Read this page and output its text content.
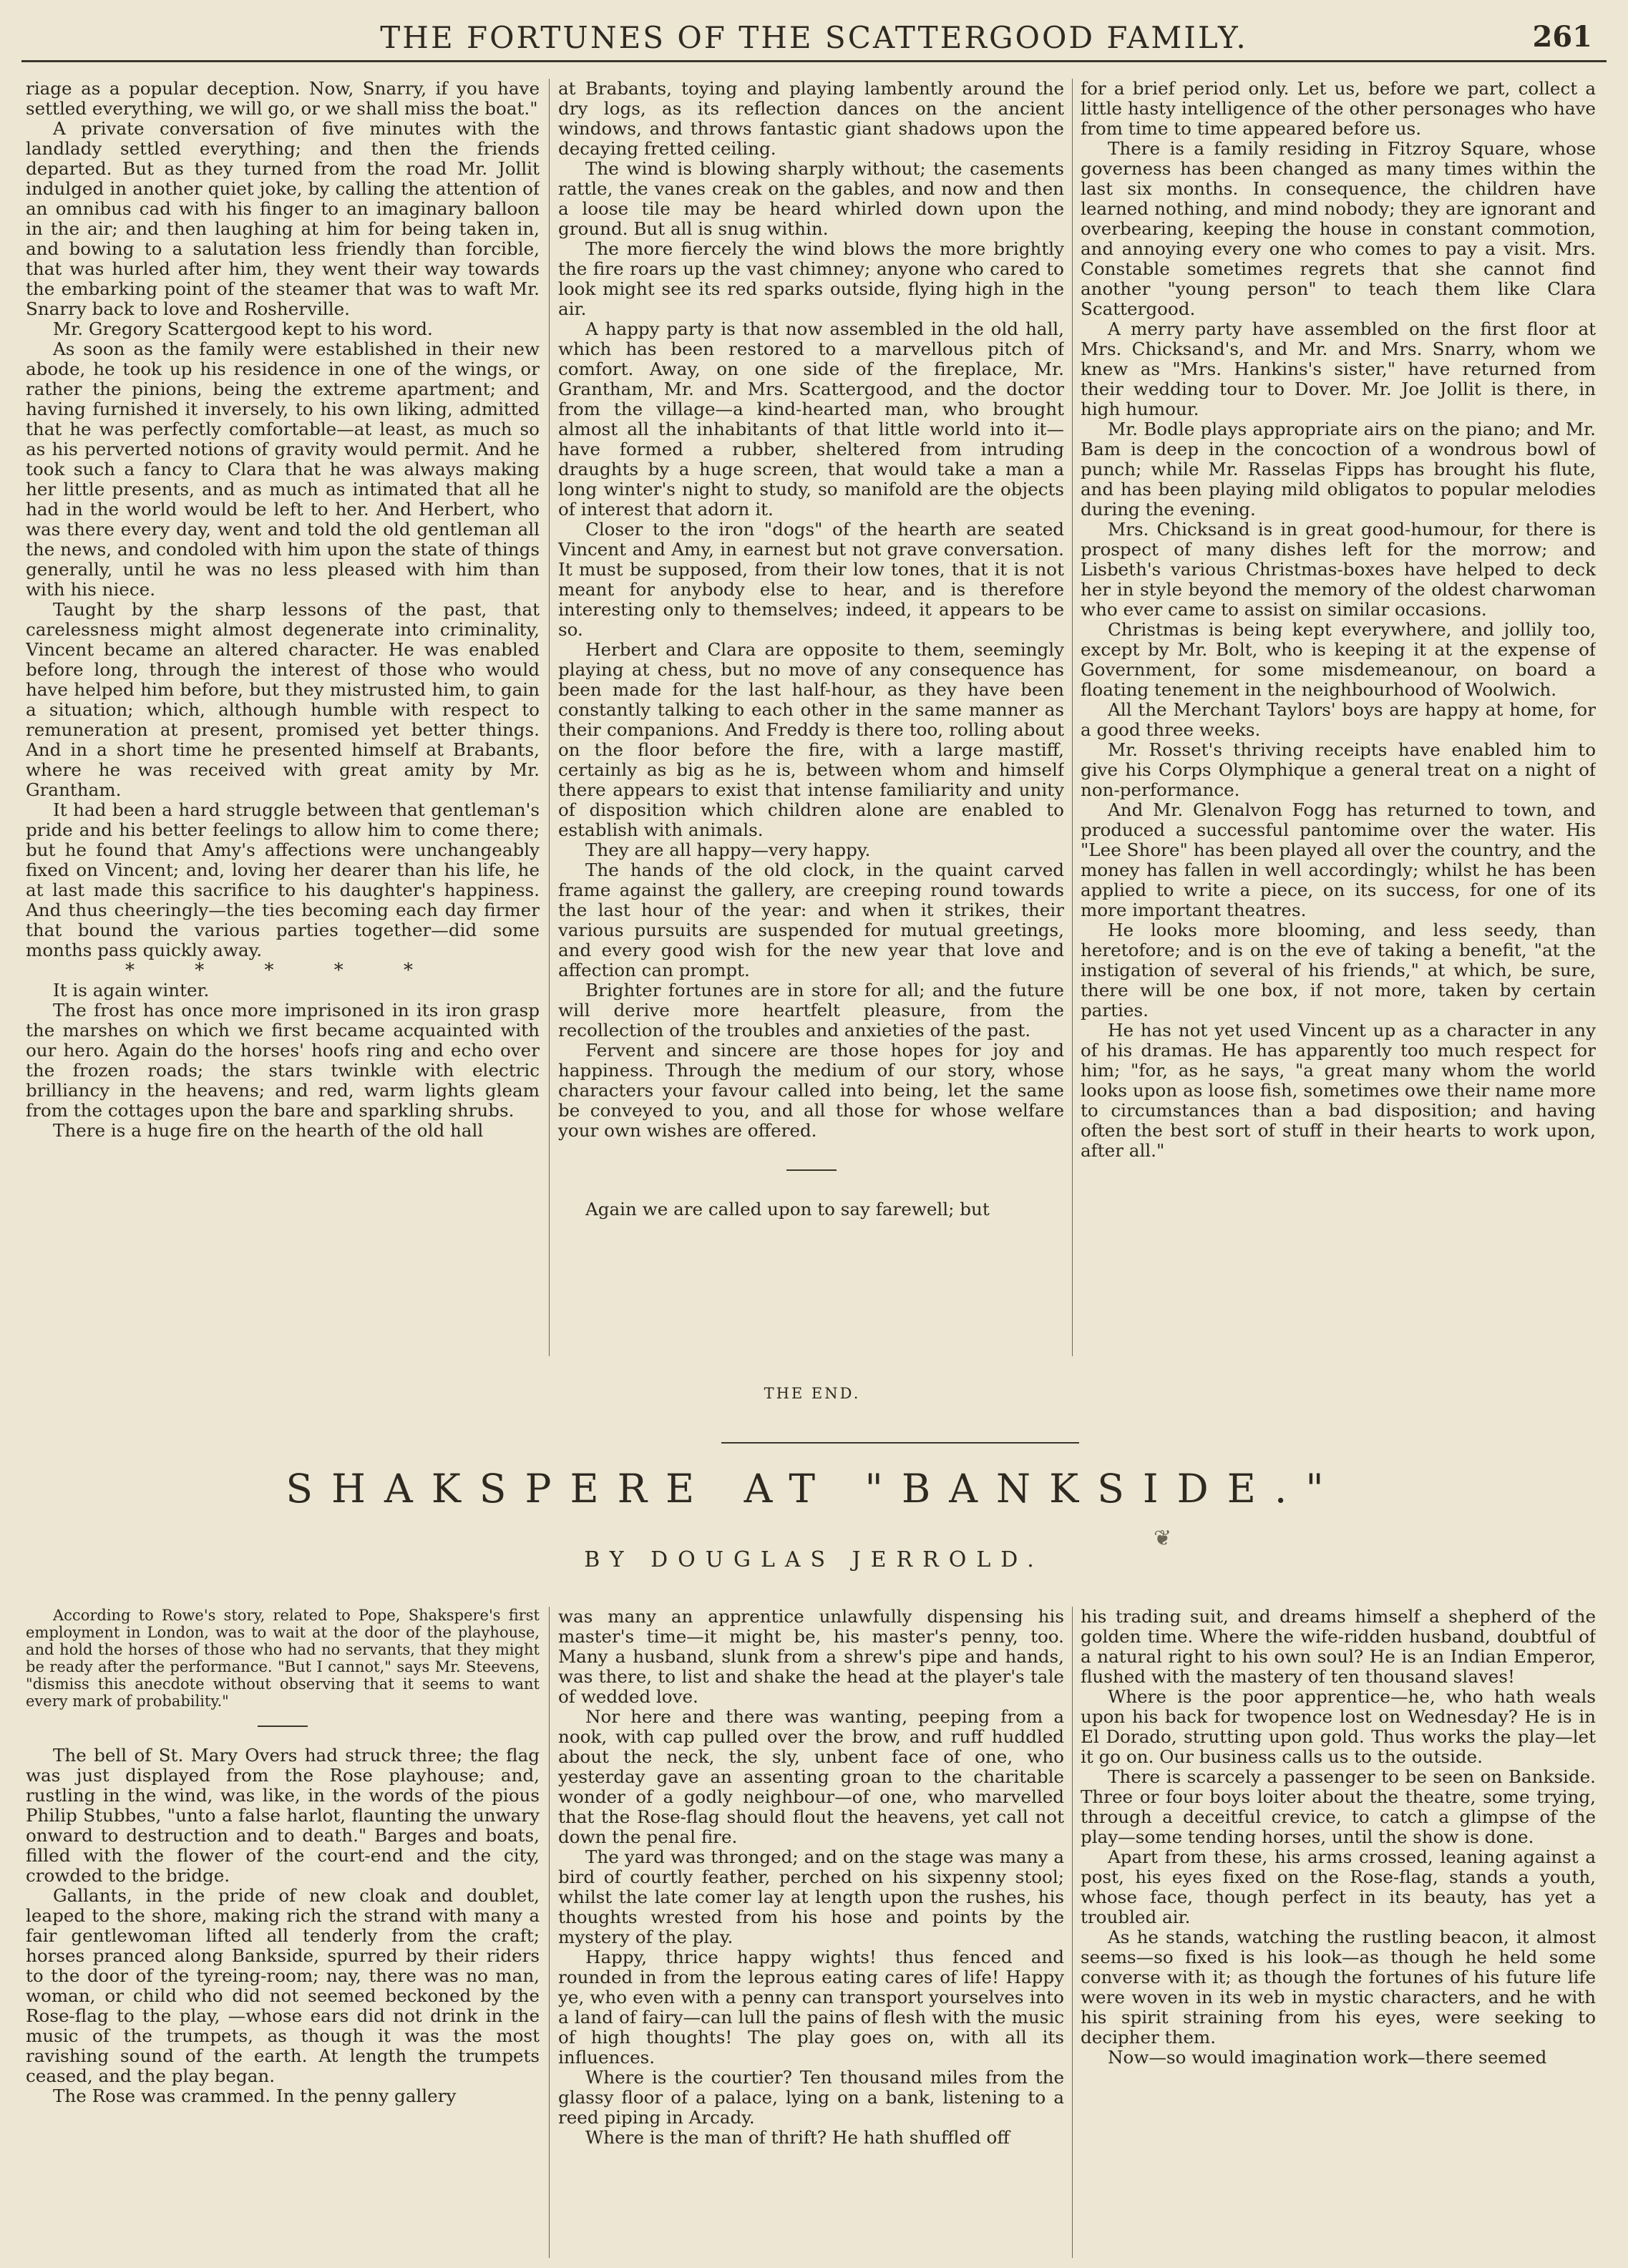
THE FORTUNES OF THE SCATTERGOOD FAMILY.	261

riage as a popular deception. Now, Snarry, if you have settled everything, we will go, or we shall miss the boat."

A private conversation of five minutes with the landlady settled everything; and then the friends departed. But as they turned from the road Mr. Jollit indulged in another quiet joke, by calling the attention of an omnibus cad with his finger to an imaginary balloon in the air; and then laughing at him for being taken in, and bowing to a salutation less friendly than forcible, that was hurled after him, they went their way towards the embarking point of the steamer that was to waft Mr. Snarry back to love and Rosherville.

Mr. Gregory Scattergood kept to his word.

As soon as the family were established in their new abode, he took up his residence in one of the wings, or rather the pinions, being the extreme apartment; and having furnished it inversely, to his own liking, admitted that he was perfectly comfortable—at least, as much so as his perverted notions of gravity would permit. And he took such a fancy to Clara that he was always making her little presents, and as much as intimated that all he had in the world would be left to her. And Herbert, who was there every day, went and told the old gentleman all the news, and condoled with him upon the state of things generally, until he was no less pleased with him than with his niece.

Taught by the sharp lessons of the past, that carelessness might almost degenerate into criminality, Vincent became an altered character. He was enabled before long, through the interest of those who would have helped him before, but they mistrusted him, to gain a situation; which, although humble with respect to remuneration at present, promised yet better things. And in a short time he presented himself at Brabants, where he was received with great amity by Mr. Grantham.

It had been a hard struggle between that gentleman's pride and his better feelings to allow him to come there; but he found that Amy's affections were unchangeably fixed on Vincent; and, loving her dearer than his life, he at last made this sacrifice to his daughter's happiness. And thus cheeringly—the ties becoming each day firmer that bound the various parties together—did some months pass quickly away.

* * * * *

It is again winter.

The frost has once more imprisoned in its iron grasp the marshes on which we first became acquainted with our hero. Again do the horses' hoofs ring and echo over the frozen roads; the stars twinkle with electric brilliancy in the heavens; and red, warm lights gleam from the cottages upon the bare and sparkling shrubs.

There is a huge fire on the hearth of the old hall

at Brabants, toying and playing lambently around the dry logs, as its reflection dances on the ancient windows, and throws fantastic giant shadows upon the decaying fretted ceiling.

The wind is blowing sharply without; the casements rattle, the vanes creak on the gables, and now and then a loose tile may be heard whirled down upon the ground. But all is snug within.

The more fiercely the wind blows the more brightly the fire roars up the vast chimney; anyone who cared to look might see its red sparks outside, flying high in the air.

A happy party is that now assembled in the old hall, which has been restored to a marvellous pitch of comfort. Away, on one side of the fireplace, Mr. Grantham, Mr. and Mrs. Scattergood, and the doctor from the village—a kind-hearted man, who brought almost all the inhabitants of that little world into it—have formed a rubber, sheltered from intruding draughts by a huge screen, that would take a man a long winter's night to study, so manifold are the objects of interest that adorn it.

Closer to the iron "dogs" of the hearth are seated Vincent and Amy, in earnest but not grave conversation. It must be supposed, from their low tones, that it is not meant for anybody else to hear, and is therefore interesting only to themselves; indeed, it appears to be so.

Herbert and Clara are opposite to them, seemingly playing at chess, but no move of any consequence has been made for the last half-hour, as they have been constantly talking to each other in the same manner as their companions. And Freddy is there too, rolling about on the floor before the fire, with a large mastiff, certainly as big as he is, between whom and himself there appears to exist that intense familiarity and unity of disposition which children alone are enabled to establish with animals.

They are all happy—very happy.

The hands of the old clock, in the quaint carved frame against the gallery, are creeping round towards the last hour of the year: and when it strikes, their various pursuits are suspended for mutual greetings, and every good wish for the new year that love and affection can prompt.

Brighter fortunes are in store for all; and the future will derive more heartfelt pleasure, from the recollection of the troubles and anxieties of the past.

Fervent and sincere are those hopes for joy and happiness. Through the medium of our story, whose characters your favour called into being, let the same be conveyed to you, and all those for whose welfare your own wishes are offered.

Again we are called upon to say farewell; but

for a brief period only. Let us, before we part, collect a little hasty intelligence of the other personages who have from time to time appeared before us.

There is a family residing in Fitzroy Square, whose governess has been changed as many times within the last six months. In consequence, the children have learned nothing, and mind nobody; they are ignorant and overbearing, keeping the house in constant commotion, and annoying every one who comes to pay a visit. Mrs. Constable sometimes regrets that she cannot find another "young person" to teach them like Clara Scattergood.

A merry party have assembled on the first floor at Mrs. Chicksand's, and Mr. and Mrs. Snarry, whom we knew as "Mrs. Hankins's sister," have returned from their wedding tour to Dover. Mr. Joe Jollit is there, in high humour.

Mr. Bodle plays appropriate airs on the piano; and Mr. Bam is deep in the concoction of a wondrous bowl of punch; while Mr. Rasselas Fipps has brought his flute, and has been playing mild obligatos to popular melodies during the evening.

Mrs. Chicksand is in great good-humour, for there is prospect of many dishes left for the morrow; and Lisbeth's various Christmas-boxes have helped to deck her in style beyond the memory of the oldest charwoman who ever came to assist on similar occasions.

Christmas is being kept everywhere, and jollily too, except by Mr. Bolt, who is keeping it at the expense of Government, for some misdemeanour, on board a floating tenement in the neighbourhood of Woolwich.

All the Merchant Taylors' boys are happy at home, for a good three weeks.

Mr. Rosset's thriving receipts have enabled him to give his Corps Olymphique a general treat on a night of non-performance.

And Mr. Glenalvon Fogg has returned to town, and produced a successful pantomime over the water. His "Lee Shore" has been played all over the country, and the money has fallen in well accordingly; whilst he has been applied to write a piece, on its success, for one of its more important theatres.

He looks more blooming, and less seedy, than heretofore; and is on the eve of taking a benefit, "at the instigation of several of his friends," at which, be sure, there will be one box, if not more, taken by certain parties.

He has not yet used Vincent up as a character in any of his dramas. He has apparently too much respect for him; "for, as he says, "a great many whom the world looks upon as loose fish, sometimes owe their name more to circumstances than a bad disposition; and having often the best sort of stuff in their hearts to work upon, after all."

THE END.
SHAKSPERE AT "BANKSIDE."
❦
BY DOUGLAS JERROLD.

According to Rowe's story, related to Pope, Shakspere's first employment in London, was to wait at the door of the playhouse, and hold the horses of those who had no servants, that they might be ready after the performance. "But I cannot," says Mr. Steevens, "dismiss this anecdote without observing that it seems to want every mark of probability."

The bell of St. Mary Overs had struck three; the flag was just displayed from the Rose playhouse; and, rustling in the wind, was like, in the words of the pious Philip Stubbes, "unto a false harlot, flaunting the unwary onward to destruction and to death." Barges and boats, filled with the flower of the court-end and the city, crowded to the bridge.

Gallants, in the pride of new cloak and doublet, leaped to the shore, making rich the strand with many a fair gentlewoman lifted all tenderly from the craft; horses pranced along Bankside, spurred by their riders to the door of the tyreing-room; nay, there was no man, woman, or child who did not seemed beckoned by the Rose-flag to the play, —whose ears did not drink in the music of the trumpets, as though it was the most ravishing sound of the earth. At length the trumpets ceased, and the play began.

The Rose was crammed. In the penny gallery

was many an apprentice unlawfully dispensing his master's time—it might be, his master's penny, too. Many a husband, slunk from a shrew's pipe and hands, was there, to list and shake the head at the player's tale of wedded love.

Nor here and there was wanting, peeping from a nook, with cap pulled over the brow, and ruff huddled about the neck, the sly, unbent face of one, who yesterday gave an assenting groan to the charitable wonder of a godly neighbour—of one, who marvelled that the Rose-flag should flout the heavens, yet call not down the penal fire.

The yard was thronged; and on the stage was many a bird of courtly feather, perched on his sixpenny stool; whilst the late comer lay at length upon the rushes, his thoughts wrested from his hose and points by the mystery of the play.

Happy, thrice happy wights! thus fenced and rounded in from the leprous eating cares of life! Happy ye, who even with a penny can transport yourselves into a land of fairy—can lull the pains of flesh with the music of high thoughts! The play goes on, with all its influences.

Where is the courtier? Ten thousand miles from the glassy floor of a palace, lying on a bank, listening to a reed piping in Arcady.

Where is the man of thrift? He hath shuffled off

his trading suit, and dreams himself a shepherd of the golden time. Where the wife-ridden husband, doubtful of a natural right to his own soul? He is an Indian Emperor, flushed with the mastery of ten thousand slaves!

Where is the poor apprentice—he, who hath weals upon his back for twopence lost on Wednesday? He is in El Dorado, strutting upon gold. Thus works the play—let it go on. Our business calls us to the outside.

There is scarcely a passenger to be seen on Bankside. Three or four boys loiter about the theatre, some trying, through a deceitful crevice, to catch a glimpse of the play—some tending horses, until the show is done.

Apart from these, his arms crossed, leaning against a post, his eyes fixed on the Rose-flag, stands a youth, whose face, though perfect in its beauty, has yet a troubled air.

As he stands, watching the rustling beacon, it almost seems—so fixed is his look—as though he held some converse with it; as though the fortunes of his future life were woven in its web in mystic characters, and he with his spirit straining from his eyes, were seeking to decipher them.

Now—so would imagination work—there seemed
